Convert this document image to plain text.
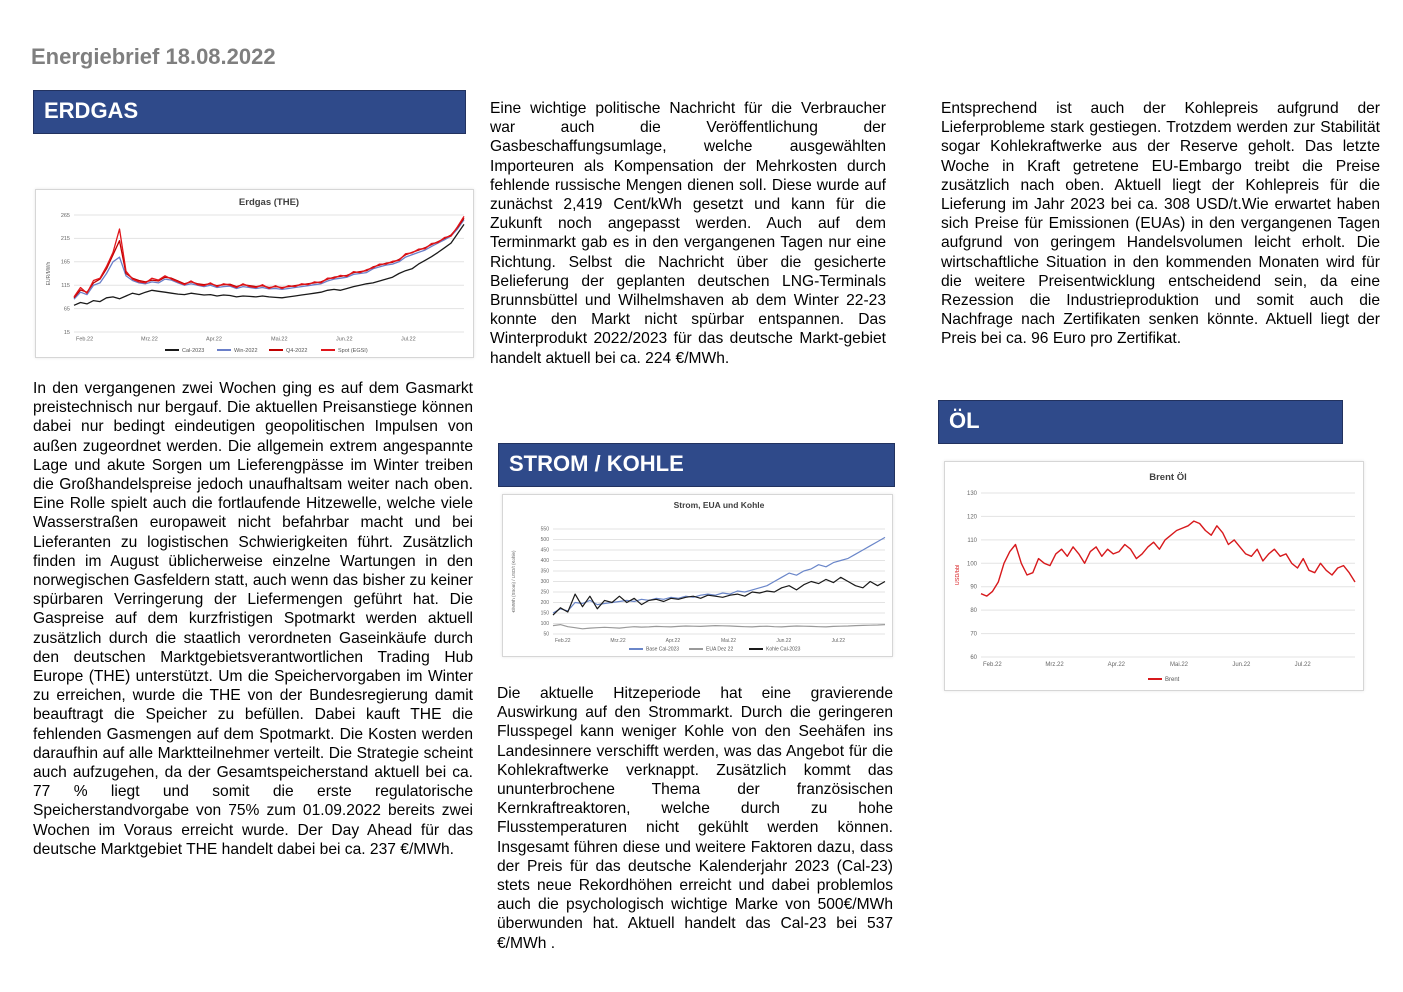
Energiebrief 18.08.2022
ERDGAS
Erdgas (THE)
15
65
115
165
215
265
EUR/MWh
Feb.22	Mrz.22	Apr.22	Mai.22	Jun.22	Jul.22
Cal-2023	Win-2022	Q4-2022	Spot (EGSI)

In den vergangenen zwei Wochen ging es auf dem Gasmarkt preistechnisch nur bergauf. Die aktuellen Preisanstiege können dabei nur bedingt eindeutigen geopolitischen Impulsen von außen zugeordnet werden. Die allgemein extrem angespannte Lage und akute Sorgen um Lieferengpässe im Winter treiben die Großhandelspreise jedoch unaufhaltsam weiter nach oben. Eine Rolle spielt auch die fortlaufende Hitzewelle, welche viele Wasserstraßen europaweit nicht befahrbar macht und bei Lieferanten zu logistischen Schwierigkeiten führt. Zusätzlich finden im August üblicherweise einzelne Wartungen in den norwegischen Gasfeldern statt, auch wenn das bisher zu keiner spürbaren Verringerung der Liefermengen geführt hat. Die Gaspreise auf dem kurzfristigen Spotmarkt werden aktuell zusätzlich durch die staatlich verordneten Gaseinkäufe durch den deutschen Marktgebietsverantwortlichen Trading Hub Europe (THE) unterstützt. Um die Speichervorgaben im Winter zu erreichen, wurde die THE von der Bundesregierung damit beauftragt die Speicher zu befüllen. Dabei kauft THE die fehlenden Gasmengen auf dem Spotmarkt. Die Kosten werden daraufhin auf alle Marktteilnehmer verteilt. Die Strategie scheint auch aufzugehen, da der Gesamtspeicherstand aktuell bei ca. 77 % liegt und somit die erste regulatorische Speicherstandvorgabe von 75% zum 01.09.2022 bereits zwei Wochen im Voraus erreicht wurde. Der Day Ahead für das deutsche Marktgebiet THE handelt dabei bei ca. 237 €/MWh.

Eine wichtige politische Nachricht für die Verbraucher war auch die Veröffentlichung der Gasbeschaffungsumlage, welche ausgewählten Importeuren als Kompensation der Mehrkosten durch fehlende russische Mengen dienen soll. Diese wurde auf zunächst 2,419 Cent/kWh gesetzt und kann für die Zukunft noch angepasst werden. Auch auf dem Terminmarkt gab es in den vergangenen Tagen nur eine Richtung. Selbst die Nachricht über die gesicherte Belieferung der geplanten deutschen LNG-Terminals Brunnsbüttel und Wilhelmshaven ab dem Winter 22-23 konnte den Markt nicht spürbar entspannen. Das Winterprodukt 2022/2023 für das deutsche Markt-gebiet handelt aktuell bei ca. 224 €/MWh.

STROM / KOHLE
Strom, EUA und Kohle
50
100
150
200
250
300
350
400
450
500
550
€/MWh (Strom) / USD/t (Kohle)
Feb.22	Mrz.22	Apr.22	Mai.22	Jun.22	Jul.22
Base Cal-2023	EUA Dez 22	Kohle Cal-2023

Die aktuelle Hitzeperiode hat eine gravierende Auswirkung auf den Strommarkt. Durch die geringeren Flusspegel kann weniger Kohle von den Seehäfen ins Landesinnere verschifft werden, was das Angebot für die Kohlekraftwerke verknappt. Zusätzlich kommt das ununterbrochene Thema der französischen Kernkraftreaktoren, welche durch zu hohe Flusstemperaturen nicht gekühlt werden können. Insgesamt führen diese und weitere Faktoren dazu, dass der Preis für das deutsche Kalenderjahr 2023 (Cal-23) stets neue Rekordhöhen erreicht und dabei problemlos auch die psychologisch wichtige Marke von 500€/MWh überwunden hat. Aktuell handelt das Cal-23 bei 537 €/MWh .

Entsprechend ist auch der Kohlepreis aufgrund der Lieferprobleme stark gestiegen. Trotzdem werden zur Stabilität sogar Kohlekraftwerke aus der Reserve geholt. Das letzte Woche in Kraft getretene EU-Embargo treibt die Preise zusätzlich nach oben. Aktuell liegt der Kohlepreis für die Lieferung im Jahr 2023 bei ca. 308 USD/t.Wie erwartet haben sich Preise für Emissionen (EUAs) in den vergangenen Tagen aufgrund von geringem Handelsvolumen leicht erholt. Die wirtschaftliche Situation in den kommenden Monaten wird für die weitere Preisentwicklung entscheidend sein, da eine Rezession die Industrieproduktion und somit auch die Nachfrage nach Zertifikaten senken könnte. Aktuell liegt der Preis bei ca. 96 Euro pro Zertifikat.

ÖL
Brent Öl
60
70
80
90
100
110
120
130
USD/bbl
Feb.22	Mrz.22	Apr.22	Mai.22	Jun.22	Jul.22
Brent
